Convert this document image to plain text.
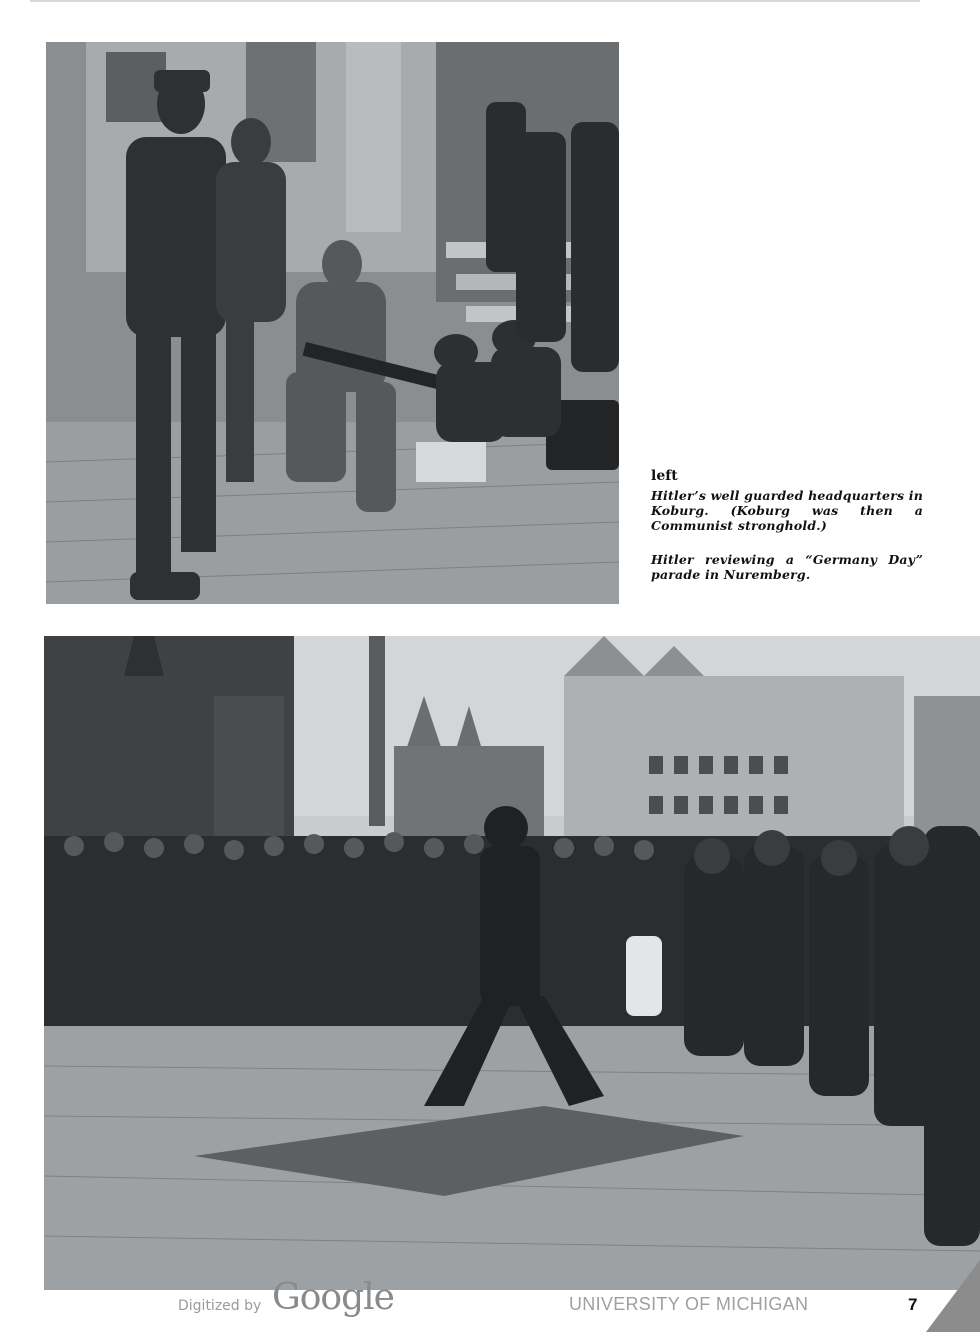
left

Hitler’s well guarded headquarters in Koburg. (Koburg was then a Communist stronghold.)

Hitler reviewing a “Germany Day” parade in Nuremberg.

Digitized by Google	UNIVERSITY OF MICHIGAN	7
